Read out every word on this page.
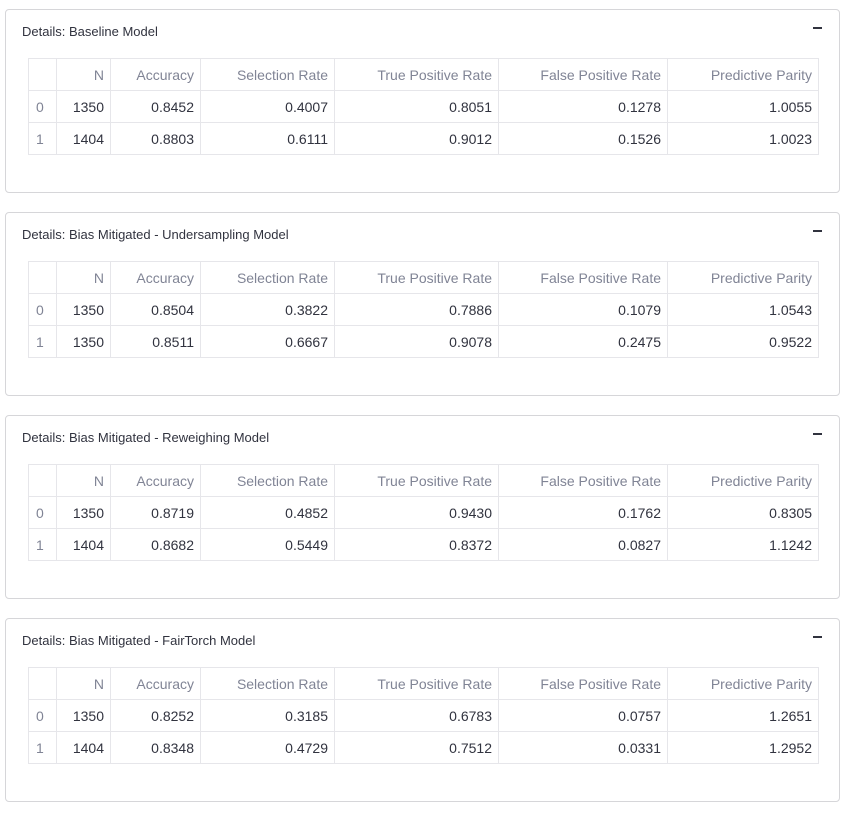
Details: Baseline Model
	N	Accuracy	Selection Rate	True Positive Rate	False Positive Rate	Predictive Parity
0	1350	0.8452	0.4007	0.8051	0.1278	1.0055
1	1404	0.8803	0.6111	0.9012	0.1526	1.0023
Details: Bias Mitigated - Undersampling Model
	N	Accuracy	Selection Rate	True Positive Rate	False Positive Rate	Predictive Parity
0	1350	0.8504	0.3822	0.7886	0.1079	1.0543
1	1350	0.8511	0.6667	0.9078	0.2475	0.9522
Details: Bias Mitigated - Reweighing Model
	N	Accuracy	Selection Rate	True Positive Rate	False Positive Rate	Predictive Parity
0	1350	0.8719	0.4852	0.9430	0.1762	0.8305
1	1404	0.8682	0.5449	0.8372	0.0827	1.1242
Details: Bias Mitigated - FairTorch Model
	N	Accuracy	Selection Rate	True Positive Rate	False Positive Rate	Predictive Parity
0	1350	0.8252	0.3185	0.6783	0.0757	1.2651
1	1404	0.8348	0.4729	0.7512	0.0331	1.2952
